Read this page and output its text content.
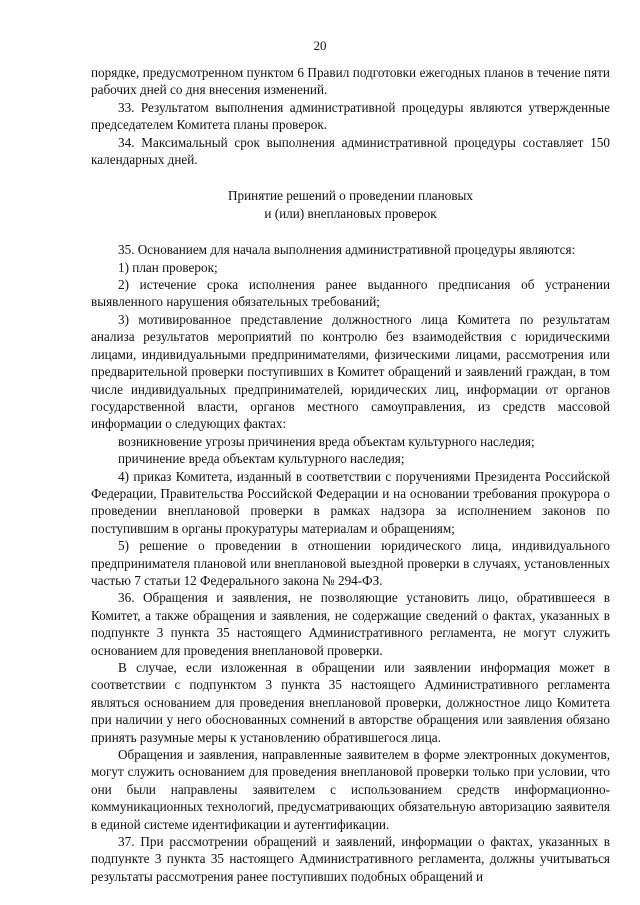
20

порядке, предусмотренном пунктом 6 Правил подготовки ежегодных планов в течение пяти рабочих дней со дня внесения изменений.

33. Результатом выполнения административной процедуры являются утвержденные председателем Комитета планы проверок.

34. Максимальный срок выполнения административной процедуры составляет 150 календарных дней.

Принятие решений о проведении плановых

и (или) внеплановых проверок

35. Основанием для начала выполнения административной процедуры являются:

1) план проверок;

2) истечение срока исполнения ранее выданного предписания об устранении выявленного нарушения обязательных требований;

3) мотивированное представление должностного лица Комитета по результатам анализа результатов мероприятий по контролю без взаимодействия с юридическими лицами, индивидуальными предпринимателями, физическими лицами, рассмотрения или предварительной проверки поступивших в Комитет обращений и заявлений граждан, в том числе индивидуальных предпринимателей, юридических лиц, информации от органов государственной власти, органов местного самоуправления, из средств массовой информации о следующих фактах:

возникновение угрозы причинения вреда объектам культурного наследия;

причинение вреда объектам культурного наследия;

4) приказ Комитета, изданный в соответствии с поручениями Президента Российской Федерации, Правительства Российской Федерации и на основании требования прокурора о проведении внеплановой проверки в рамках надзора за исполнением законов по поступившим в органы прокуратуры материалам и обращениям;

5) решение о проведении в отношении юридического лица, индивидуального предпринимателя плановой или внеплановой выездной проверки в случаях, установленных частью 7 статьи 12 Федерального закона № 294-ФЗ.

36. Обращения и заявления, не позволяющие установить лицо, обратившееся в Комитет, а также обращения и заявления, не содержащие сведений о фактах, указанных в подпункте 3 пункта 35 настоящего Административного регламента, не могут служить основанием для проведения внеплановой проверки.

В случае, если изложенная в обращении или заявлении информация может в соответствии с подпунктом 3 пункта 35 настоящего Административного регламента являться основанием для проведения внеплановой проверки, должностное лицо Комитета при наличии у него обоснованных сомнений в авторстве обращения или заявления обязано принять разумные меры к установлению обратившегося лица.

Обращения и заявления, направленные заявителем в форме электронных документов, могут служить основанием для проведения внеплановой проверки только при условии, что они были направлены заявителем с использованием средств информационно-коммуникационных технологий, предусматривающих обязательную авторизацию заявителя в единой системе идентификации и аутентификации.

37. При рассмотрении обращений и заявлений, информации о фактах, указанных в подпункте 3 пункта 35 настоящего Административного регламента, должны учитываться результаты рассмотрения ранее поступивших подобных обращений и
